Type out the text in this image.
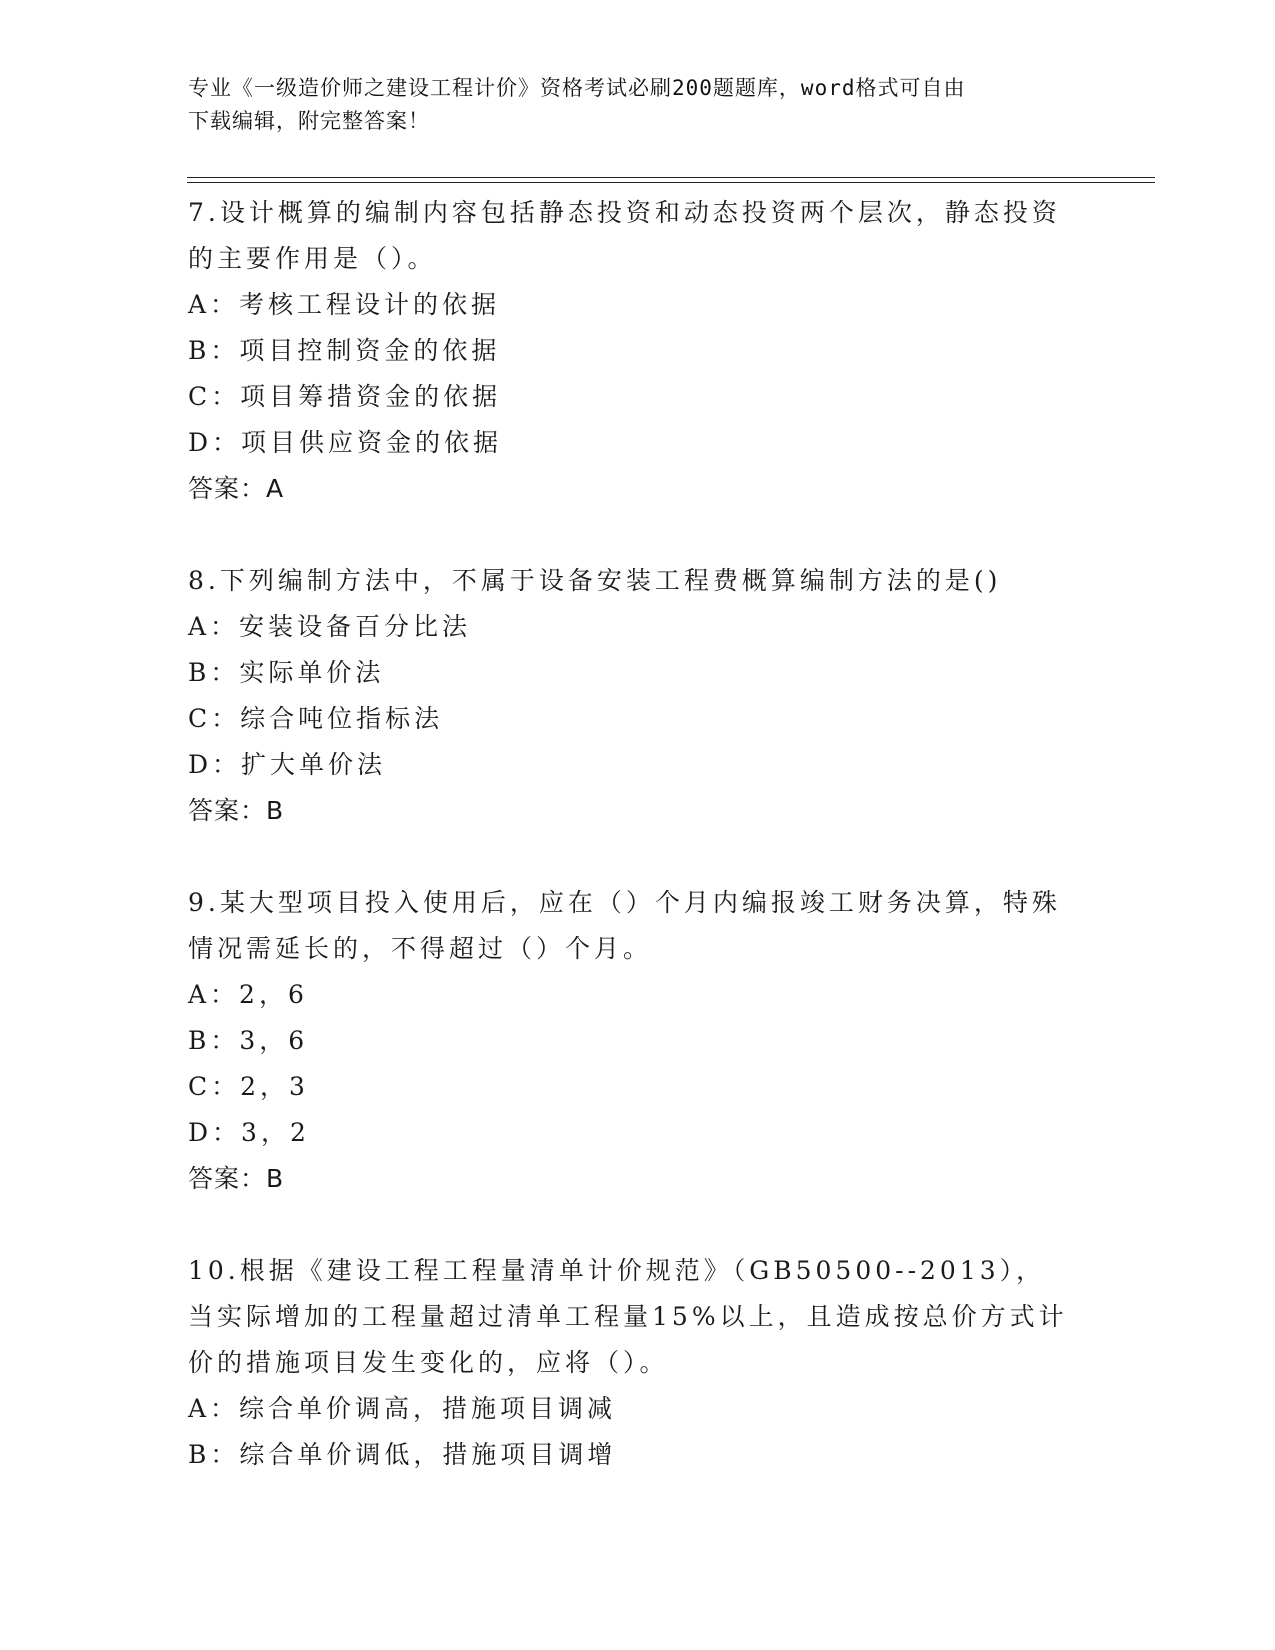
专业《一级造价师之建设工程计价》资格考试必刷200题题库，word格式可自由
下载编辑，附完整答案！
7.设计概算的编制内容包括静态投资和动态投资两个层次，静态投资的主要作用是（）。
A：考核工程设计的依据
B：项目控制资金的依据
C：项目筹措资金的依据
D：项目供应资金的依据
答案：A
8.下列编制方法中，不属于设备安装工程费概算编制方法的是()
A：安装设备百分比法
B：实际单价法
C：综合吨位指标法
D：扩大单价法
答案：B
9.某大型项目投入使用后，应在（）个月内编报竣工财务决算，特殊情况需延长的，不得超过（）个月。
A：2，6
B：3，6
C：2，3
D：3，2
答案：B
10.根据《建设工程工程量清单计价规范》（GB50500--2013），当实际增加的工程量超过清单工程量15%以上，且造成按总价方式计价的措施项目发生变化的，应将（）。
A：综合单价调高，措施项目调减
B：综合单价调低，措施项目调增
